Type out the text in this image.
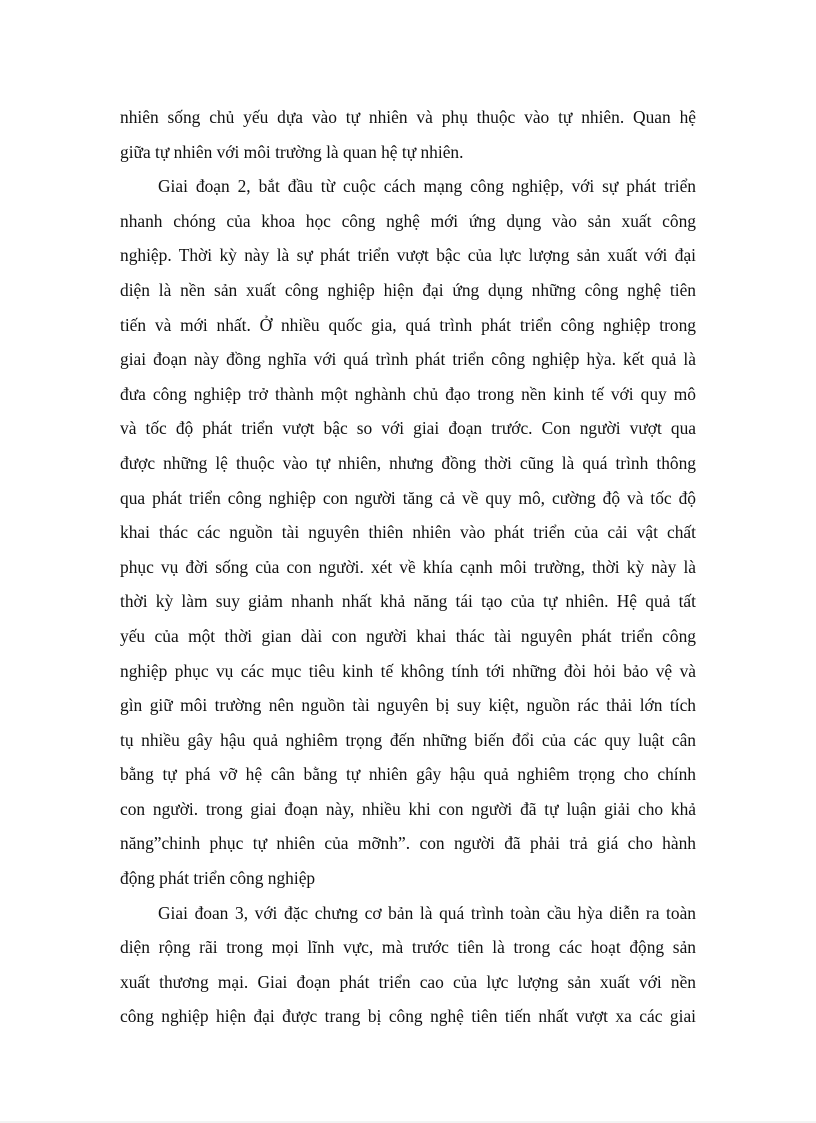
nhiên sống chủ yếu dựa vào tự nhiên và phụ thuộc vào tự nhiên. Quan hệ
giữa tự nhiên với môi trường là quan hệ tự nhiên.

Giai đoạn 2, bắt đầu từ cuộc cách mạng công nghiệp, với sự phát triển
nhanh chóng của khoa học công nghệ mới ứng dụng vào sản xuất công
nghiệp. Thời kỳ này là sự phát triển vượt bậc của lực lượng sản xuất với đại
diện là nền sản xuất công nghiệp hiện đại ứng dụng những công nghệ tiên
tiến và mới nhất. Ở nhiều quốc gia, quá trình phát triển công nghiệp trong
giai đoạn này đồng nghĩa với quá trình phát triển công nghiệp hỳa. kết quả là
đưa công nghiệp trở thành một nghành chủ đạo trong nền kinh tế với quy mô
và tốc độ phát triển vượt bậc so với giai đoạn trước. Con người vượt qua
được những lệ thuộc vào tự nhiên, nhưng đồng thời cũng là quá trình thông
qua phát triển công nghiệp con người tăng cả về quy mô, cường độ và tốc độ
khai thác các nguồn tài nguyên thiên nhiên vào phát triển của cải vật chất
phục vụ đời sống của con người. xét về khía cạnh môi trường, thời kỳ này là
thời kỳ làm suy giảm nhanh nhất khả năng tái tạo của tự nhiên. Hệ quả tất
yếu của một thời gian dài con người khai thác tài nguyên phát triển công
nghiệp phục vụ các mục tiêu kinh tế không tính tới những đòi hỏi bảo vệ và
gìn giữ môi trường nên nguồn tài nguyên bị suy kiệt, nguồn rác thải lớn tích
tụ nhiều gây hậu quả nghiêm trọng đến những biến đổi của các quy luật cân
bằng tự phá vỡ hệ cân bằng tự nhiên gây hậu quả nghiêm trọng cho chính
con người. trong giai đoạn này, nhiều khi con người đã tự luận giải cho khả
năng”chinh phục tự nhiên của mỡnh”. con người đã phải trả giá cho hành
động phát triển công nghiệp

Giai đoan 3, với đặc chưng cơ bản là quá trình toàn cầu hỳa diễn ra toàn
diện rộng rãi trong mọi lĩnh vực, mà trước tiên là trong các hoạt động sản
xuất thương mại. Giai đoạn phát triển cao của lực lượng sản xuất với nền
công nghiệp hiện đại được trang bị công nghệ tiên tiến nhất vượt xa các giai
